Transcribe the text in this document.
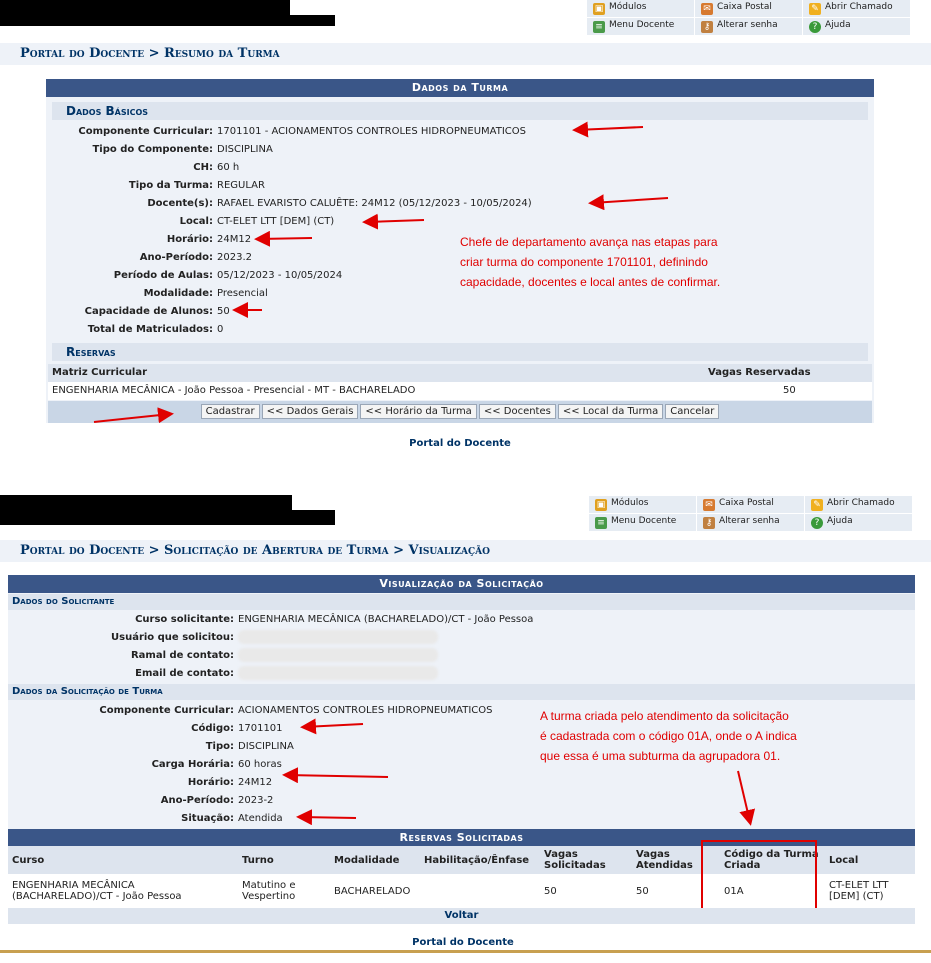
▣ Módulos	✉ Caixa Postal	✎ Abrir Chamado
≡ Menu Docente	⚷ Alterar senha	? Ajuda
Portal do Docente > Resumo da Turma
Dados da Turma
Dados Básicos
Componente Curricular: 1701101 - ACIONAMENTOS CONTROLES HIDROPNEUMATICOS
Tipo do Componente: DISCIPLINA
CH: 60 h
Tipo da Turma: REGULAR
Docente(s): RAFAEL EVARISTO CALUÊTE: 24M12 (05/12/2023 - 10/05/2024)
Local: CT-ELET LTT [DEM] (CT)
Horário: 24M12
Ano-Período: 2023.2
Período de Aulas: 05/12/2023 - 10/05/2024
Modalidade: Presencial
Capacidade de Alunos: 50
Total de Matriculados: 0
Reservas
Matriz Curricular	Vagas Reservadas
ENGENHARIA MECÂNICA - João Pessoa - Presencial - MT - BACHARELADO	50
Cadastrar << Dados Gerais << Horário da Turma << Docentes << Local da Turma Cancelar
Portal do Docente
Chefe de departamento avança nas etapas para
criar turma do componente 1701101, definindo
capacidade, docentes e local antes de confirmar.
▣ Módulos	✉ Caixa Postal	✎ Abrir Chamado
≡ Menu Docente	⚷ Alterar senha	? Ajuda
Portal do Docente > Solicitação de Abertura de Turma > Visualização
Visualização da Solicitação
Dados do Solicitante
Curso solicitante: ENGENHARIA MECÂNICA (BACHARELADO)/CT - João Pessoa
Usuário que solicitou:
Ramal de contato:
Email de contato:
Dados da Solicitação de Turma
Componente Curricular: ACIONAMENTOS CONTROLES HIDROPNEUMATICOS
Código: 1701101
Tipo: DISCIPLINA
Carga Horária: 60 horas
Horário: 24M12
Ano-Período: 2023-2
Situação: Atendida
Reservas Solicitadas
Curso	Turno	Modalidade	Habilitação/Ênfase	Vagas Solicitadas	Vagas Atendidas	Código da Turma Criada	Local
ENGENHARIA MECÂNICA (BACHARELADO)/CT - João Pessoa	Matutino e Vespertino	BACHARELADO		50	50	01A	CT-ELET LTT [DEM] (CT)
Voltar
Portal do Docente
A turma criada pelo atendimento da solicitação
é cadastrada com o código 01A, onde o A indica
que essa é uma subturma da agrupadora 01.
